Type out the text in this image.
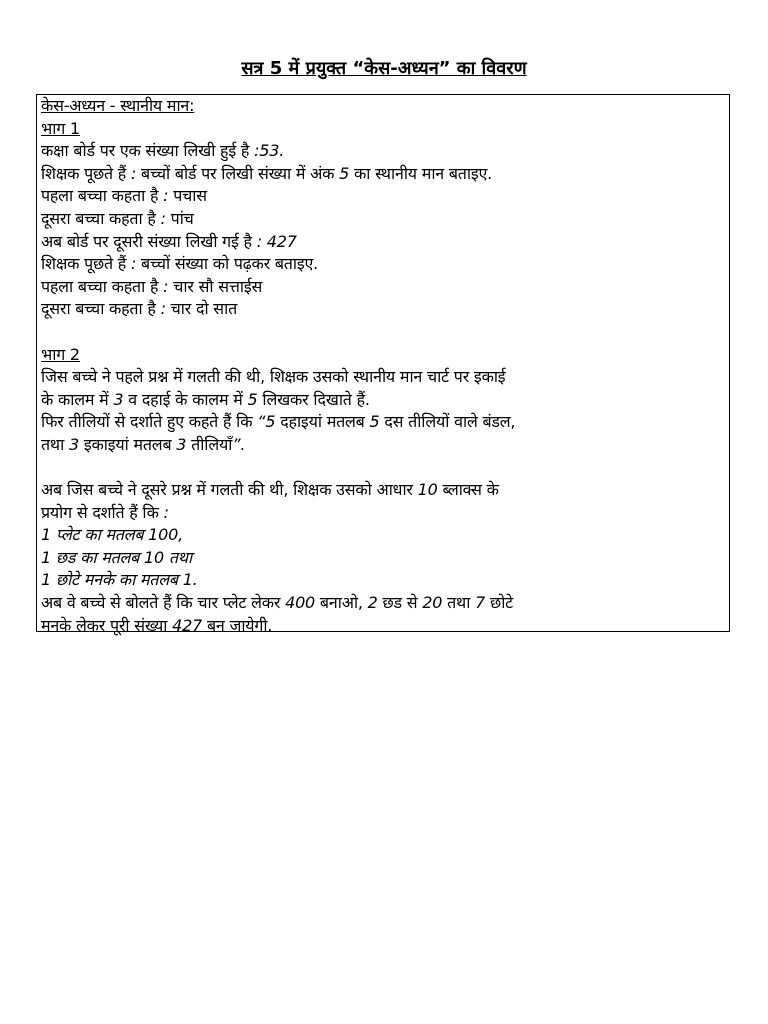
सत्र 5 में प्रयुक्त “केस-अध्यन” का विवरण
केस-अध्यन - स्थानीय मान:
भाग 1
कक्षा बोर्ड पर एक संख्या लिखी हुई है :53.
शिक्षक पूछते हैं : बच्चों बोर्ड पर लिखी संख्या में अंक 5 का स्थानीय मान बताइए.
पहला बच्चा कहता है : पचास
दूसरा बच्चा कहता है : पांच
अब बोर्ड पर दूसरी संख्या लिखी गई है : 427
शिक्षक पूछते हैं : बच्चों संख्या को पढ़कर बताइए.
पहला बच्चा कहता है : चार सौ सत्ताईस
दूसरा बच्चा कहता है : चार दो सात
भाग 2
जिस बच्चे ने पहले प्रश्न में गलती की थी, शिक्षक उसको स्थानीय मान चार्ट पर इकाई
के कालम में 3 व दहाई के कालम में 5 लिखकर दिखाते हैं.
फिर तीलियों से दर्शाते हुए कहते हैं कि “5 दहाइयां मतलब 5 दस तीलियों वाले बंडल,
तथा 3 इकाइयां मतलब 3 तीलियाँ”.
अब जिस बच्चे ने दूसरे प्रश्न में गलती की थी, शिक्षक उसको आधार 10 ब्लाक्स के
प्रयोग से दर्शाते हैं कि :
1 प्लेट का मतलब 100,
1 छड का मतलब 10 तथा
1 छोटे मनके का मतलब 1.
अब वे बच्चे से बोलते हैं कि चार प्लेट लेकर 400 बनाओ, 2 छड से 20 तथा 7 छोटे
मनके लेकर पूरी संख्या 427 बन जायेगी.
